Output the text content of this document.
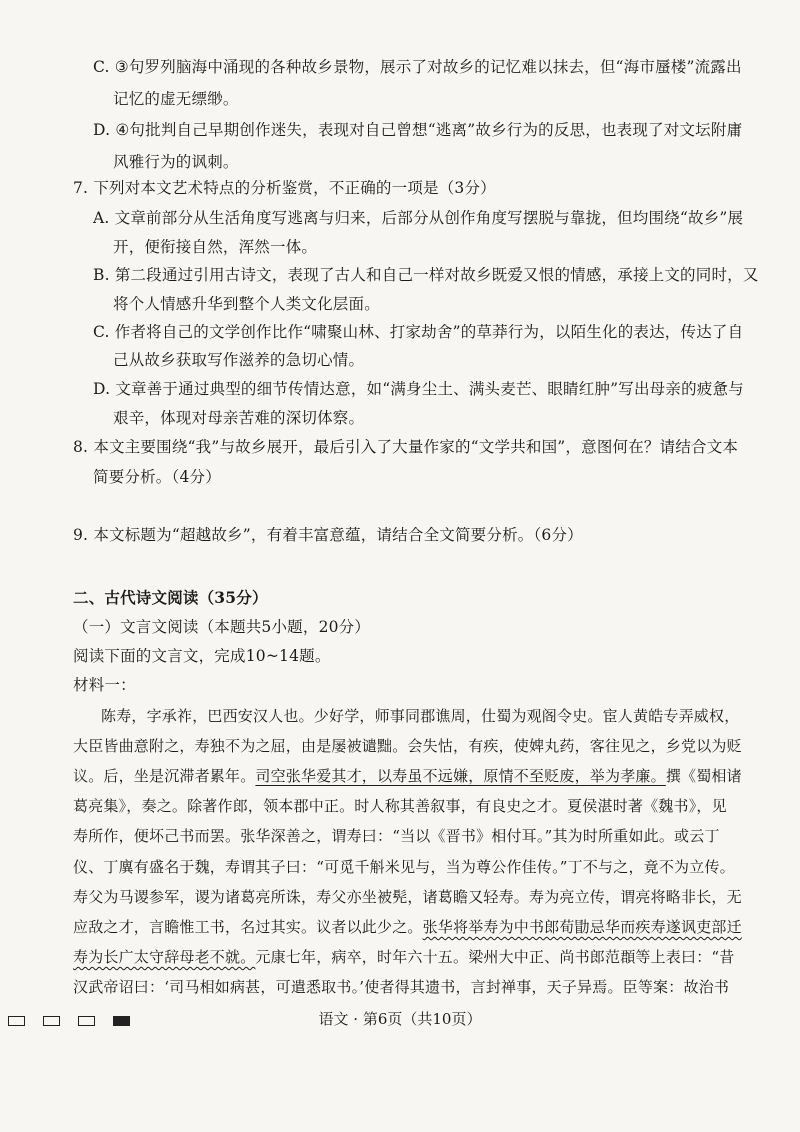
C. ③句罗列脑海中涌现的各种故乡景物，展示了对故乡的记忆难以抹去，但“海市蜃楼”流露出
记忆的虚无缥缈。
D. ④句批判自己早期创作迷失，表现对自己曾想“逃离”故乡行为的反思，也表现了对文坛附庸
风雅行为的讽刺。
7. 下列对本文艺术特点的分析鉴赏，不正确的一项是（3分）
A. 文章前部分从生活角度写逃离与归来，后部分从创作角度写摆脱与靠拢，但均围绕“故乡”展
开，便衔接自然，浑然一体。
B. 第二段通过引用古诗文，表现了古人和自己一样对故乡既爱又恨的情感，承接上文的同时，又
将个人情感升华到整个人类文化层面。
C. 作者将自己的文学创作比作“啸聚山林、打家劫舍”的草莽行为，以陌生化的表达，传达了自
己从故乡获取写作滋养的急切心情。
D. 文章善于通过典型的细节传情达意，如“满身尘土、满头麦芒、眼睛红肿”写出母亲的疲惫与
艰辛，体现对母亲苦难的深切体察。
8. 本文主要围绕“我”与故乡展开，最后引入了大量作家的“文学共和国”，意图何在？请结合文本
简要分析。（4分）
9. 本文标题为“超越故乡”，有着丰富意蕴，请结合全文简要分析。（6分）
二、古代诗文阅读（35分）
（一）文言文阅读（本题共5小题，20分）
阅读下面的文言文，完成10~14题。
材料一：
陈寿，字承祚，巴西安汉人也。少好学，师事同郡谯周，仕蜀为观阁令史。宦人黄皓专弄威权，
大臣皆曲意附之，寿独不为之屈，由是屡被谴黜。会失怙，有疾，使婢丸药，客往见之，乡党以为贬
议。后，坐是沉滞者累年。司空张华爱其才，以寿虽不远嫌，原情不至贬废，举为孝廉。撰《蜀相诸
葛亮集》，奏之。除著作郎，领本郡中正。时人称其善叙事，有良史之才。夏侯湛时著《魏书》，见
寿所作，便坏己书而罢。张华深善之，谓寿曰：“当以《晋书》相付耳。”其为时所重如此。或云丁
仪、丁廙有盛名于魏，寿谓其子曰：“可觅千斛米见与，当为尊公作佳传。”丁不与之，竟不为立传。
寿父为马谡参军，谡为诸葛亮所诛，寿父亦坐被髡，诸葛瞻又轻寿。寿为亮立传，谓亮将略非长，无
应敌之才，言瞻惟工书，名过其实。议者以此少之。张华将举寿为中书郎荀勖忌华而疾寿遂讽吏部迁
寿为长广太守辞母老不就。元康七年，病卒，时年六十五。梁州大中正、尚书郎范頵等上表曰：“昔
汉武帝诏曰：‘司马相如病甚，可遣悉取书。’使者得其遗书，言封禅事，天子异焉。臣等案：故治书
语文 · 第6页（共10页）
